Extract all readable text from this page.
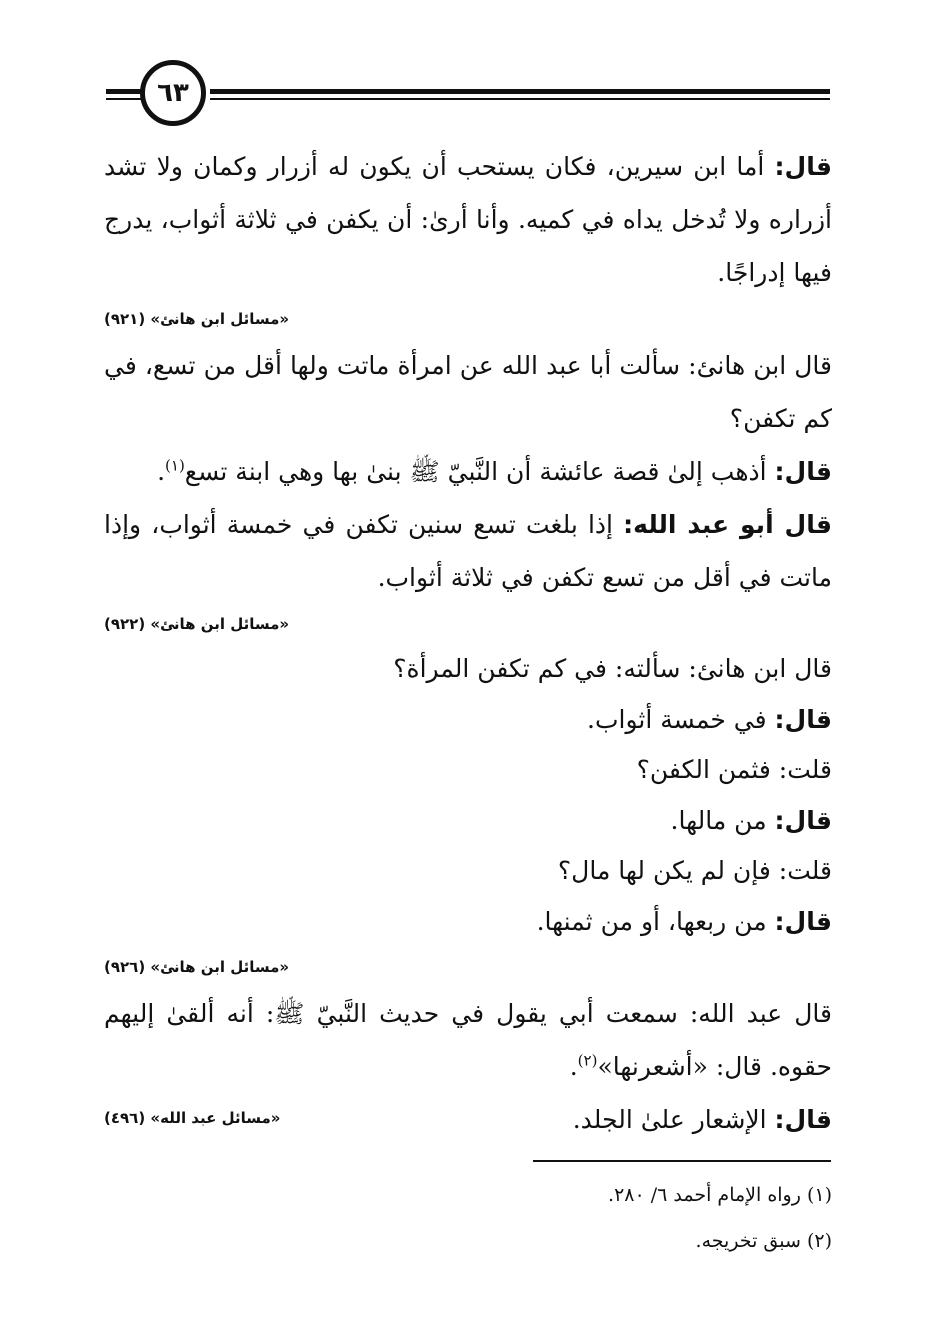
٦٣

قال: أما ابن سيرين، فكان يستحب أن يكون له أزرار وكمان ولا تشد أزراره ولا تُدخل يداه في كميه. وأنا أرىٰ: أن يكفن في ثلاثة أثواب، يدرج فيها إدراجًا.

«مسائل ابن هانئ» (٩٢١)

قال ابن هانئ: سألت أبا عبد الله عن امرأة ماتت ولها أقل من تسع، في كم تكفن؟

قال: أذهب إلىٰ قصة عائشة أن النَّبيّ ﷺ بنىٰ بها وهي ابنة تسع$^{(١)}$.

قال أبو عبد الله: إذا بلغت تسع سنين تكفن في خمسة أثواب، وإذا ماتت في أقل من تسع تكفن في ثلاثة أثواب.

«مسائل ابن هانئ» (٩٢٢)

قال ابن هانئ: سألته: في كم تكفن المرأة؟
قال: في خمسة أثواب.
قلت: فثمن الكفن؟
قال: من مالها.
قلت: فإن لم يكن لها مال؟
قال: من ربعها، أو من ثمنها.

«مسائل ابن هانئ» (٩٢٦)

قال عبد الله: سمعت أبي يقول في حديث النَّبيّ ﷺ: أنه ألقىٰ إليهم حقوه. قال: «أشعرنها»$^{(٢)}$.

قال: الإشعار علىٰ الجلد.

«مسائل عبد الله» (٤٩٦)

(١) رواه الإمام أحمد ٦/ ٢٨٠.
(٢) سبق تخريجه.
